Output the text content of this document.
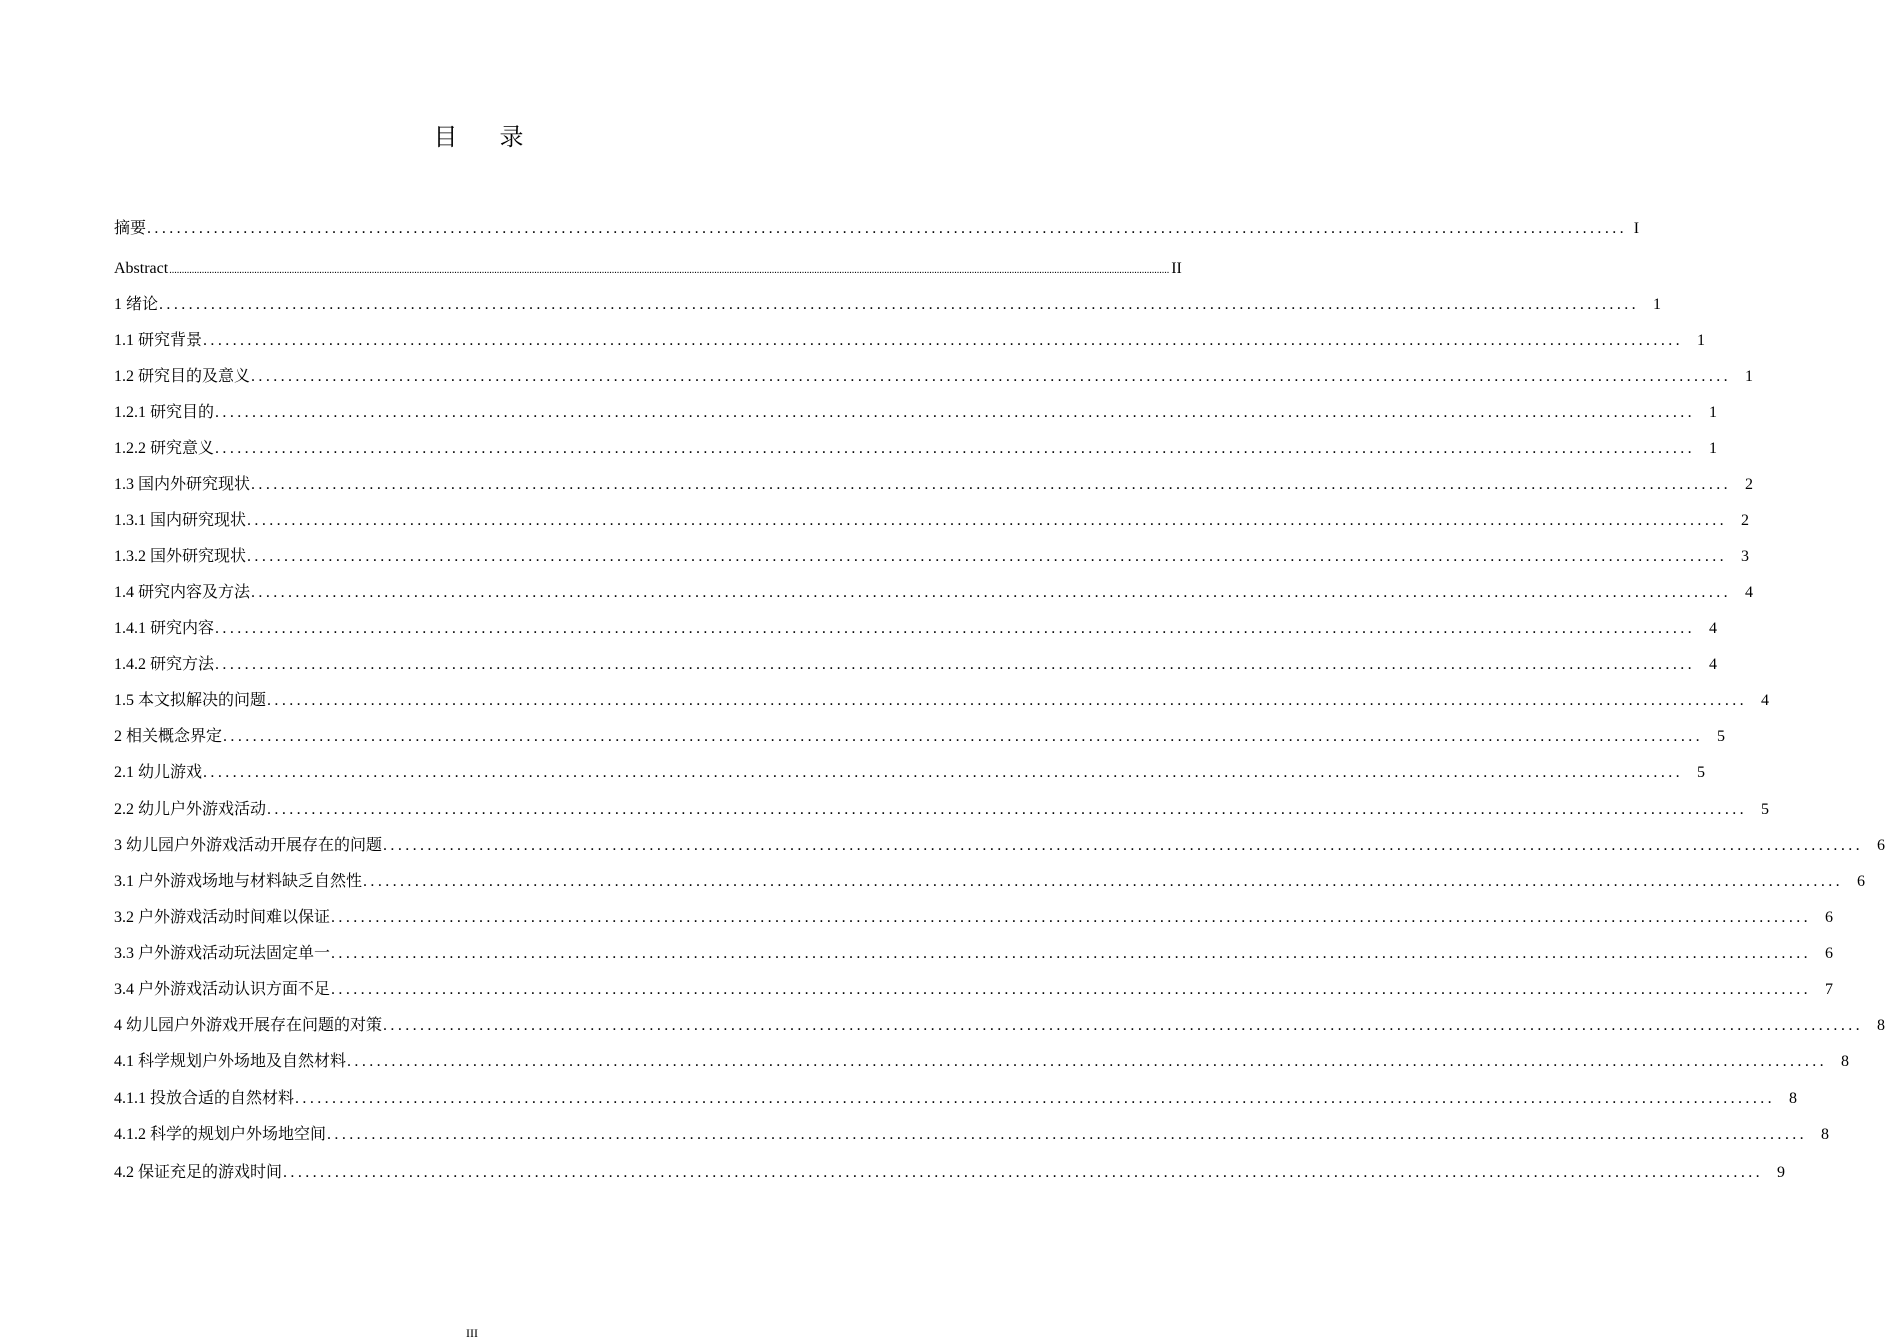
目 录
摘要 ........................................................................................................................................................................................................ I
Abstract ................................................................................................................................................................................................................................................................................................................................................................................................................ II
1 绪论 ........................................................................................................................................................................................................ 1
1.1 研究背景 ........................................................................................................................................................................................................ 1
1.2 研究目的及意义 ........................................................................................................................................................................................................ 1
1.2.1 研究目的 ........................................................................................................................................................................................................ 1
1.2.2 研究意义 ........................................................................................................................................................................................................ 1
1.3 国内外研究现状 ........................................................................................................................................................................................................ 2
1.3.1 国内研究现状 ........................................................................................................................................................................................................ 2
1.3.2 国外研究现状 ........................................................................................................................................................................................................ 3
1.4 研究内容及方法 ........................................................................................................................................................................................................ 4
1.4.1 研究内容 ........................................................................................................................................................................................................ 4
1.4.2 研究方法 ........................................................................................................................................................................................................ 4
1.5 本文拟解决的问题 ........................................................................................................................................................................................................ 4
2 相关概念界定 ........................................................................................................................................................................................................ 5
2.1 幼儿游戏 ........................................................................................................................................................................................................ 5
2.2 幼儿户外游戏活动 ........................................................................................................................................................................................................ 5
3 幼儿园户外游戏活动开展存在的问题 ........................................................................................................................................................................................................ 6
3.1 户外游戏场地与材料缺乏自然性 ........................................................................................................................................................................................................ 6
3.2 户外游戏活动时间难以保证 ........................................................................................................................................................................................................ 6
3.3 户外游戏活动玩法固定单一 ........................................................................................................................................................................................................ 6
3.4 户外游戏活动认识方面不足 ........................................................................................................................................................................................................ 7
4 幼儿园户外游戏开展存在问题的对策 ........................................................................................................................................................................................................ 8
4.1 科学规划户外场地及自然材料 ........................................................................................................................................................................................................ 8
4.1.1 投放合适的自然材料 ........................................................................................................................................................................................................ 8
4.1.2 科学的规划户外场地空间 ........................................................................................................................................................................................................ 8
4.2 保证充足的游戏时间 ........................................................................................................................................................................................................ 9
III
